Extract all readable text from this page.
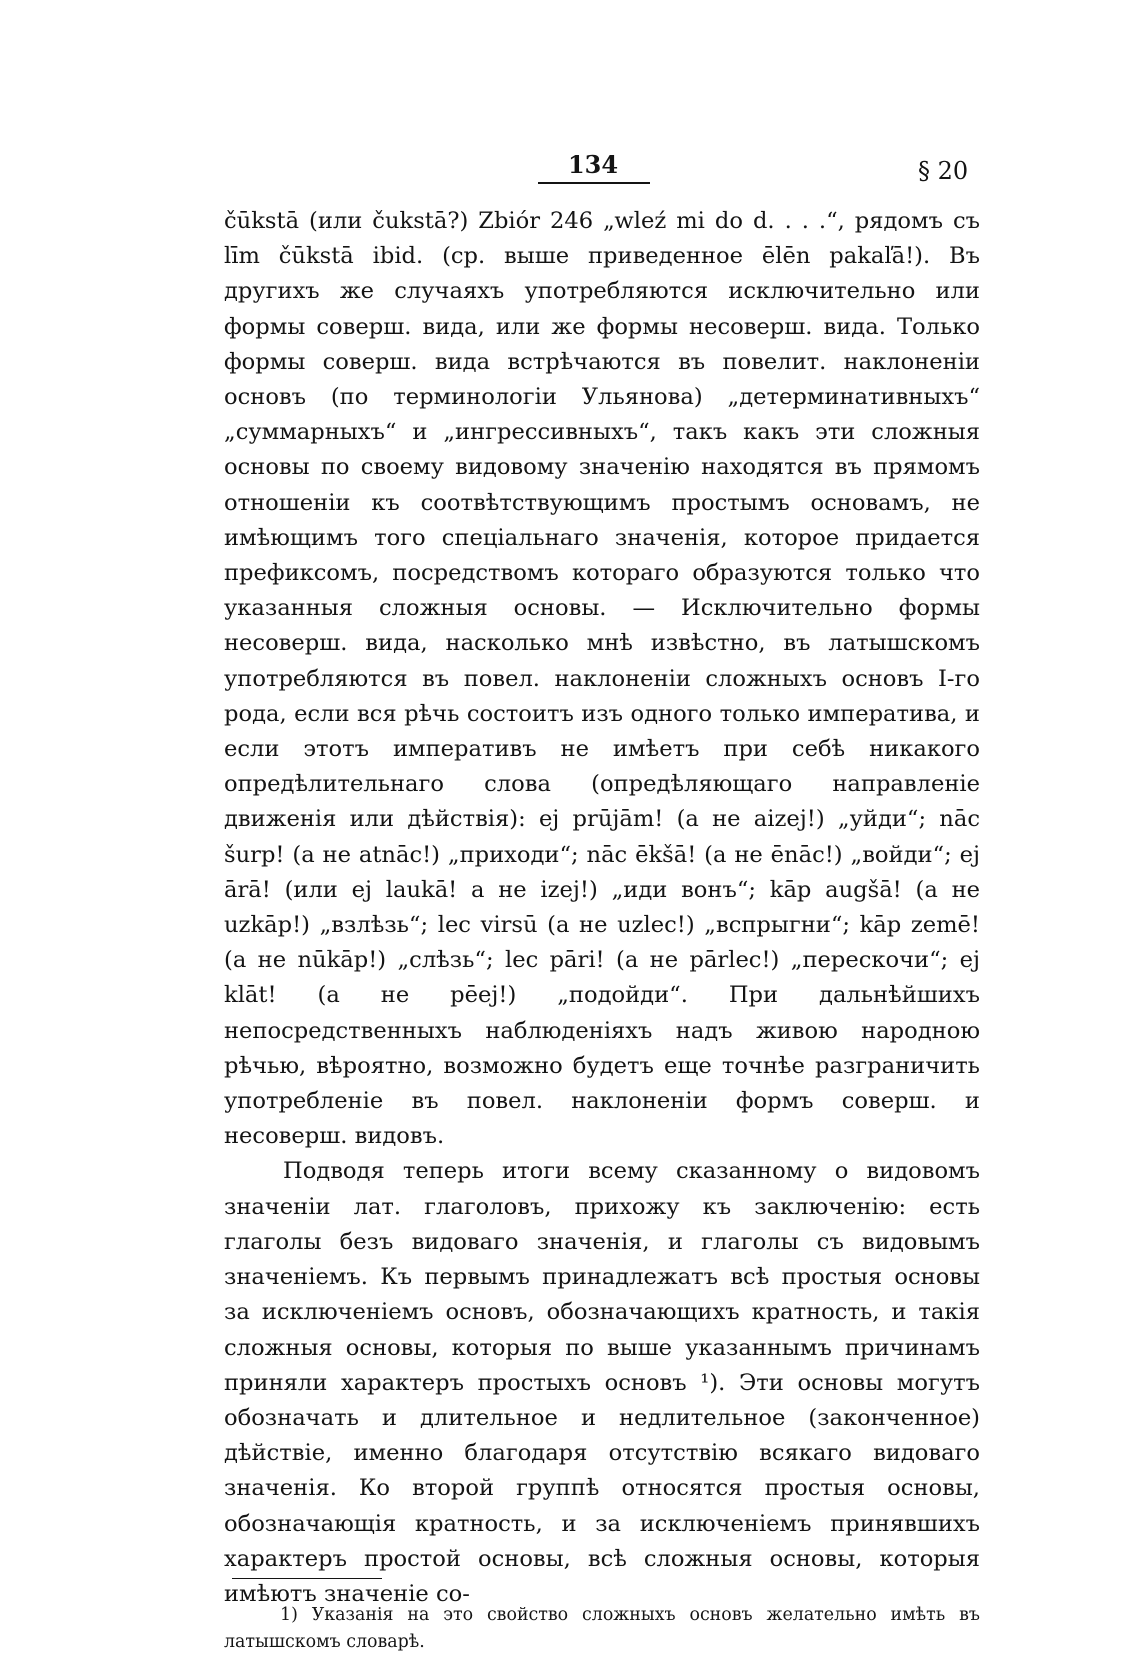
134	§ 20

čūkstā (или čukstā?) Zbiór 246 „wleź mi do d. . . .“, рядомъ съ līm čūkstā ibid. (ср. выше приведенное ēlēn pakaľā!). Въ другихъ же случаяхъ употребляются исключительно или формы соверш. вида, или же формы несоверш. вида. Только формы соверш. вида встрѣчаются въ повелит. наклоненіи основъ (по терминологіи Ульянова) „детерминативныхъ“ „суммарныхъ“ и „ингрессивныхъ“, такъ какъ эти сложныя основы по своему видовому значенію находятся въ прямомъ отношеніи къ соотвѣтствующимъ простымъ основамъ, не имѣющимъ того спеціальнаго значенія, которое придается префиксомъ, посредствомъ котораго образуются только что указанныя сложныя основы. — Исключительно формы несоверш. вида, насколько мнѣ извѣстно, въ латышскомъ употребляются въ повел. наклоненіи сложныхъ основъ I-го рода, если вся рѣчь состоитъ изъ одного только императива, и если этотъ императивъ не имѣетъ при себѣ никакого опредѣлительнаго слова (опредѣляющаго направленіе движенія или дѣйствія): ej prūjām! (а не aizej!) „уйди“; nāc šurp! (а не atnāc!) „приходи“; nāc ēkšā! (а не ēnāc!) „войди“; ej ārā! (или ej laukā! а не izej!) „иди вонъ“; kāp augšā! (а не uzkāp!) „взлѣзь“; lec virsū (а не uzlec!) „вспрыгни“; kāp zemē! (а не nūkāp!) „слѣзь“; lec pāri! (а не pārlec!) „перескочи“; ej klāt! (а не pēej!) „подойди“. При дальнѣйшихъ непосредственныхъ наблюденіяхъ надъ живою народною рѣчью, вѣроятно, возможно будетъ еще точнѣе разграничить употребленіе въ повел. наклоненіи формъ соверш. и несоверш. видовъ.

Подводя теперь итоги всему сказанному о видовомъ значеніи лат. глаголовъ, прихожу къ заключенію: есть глаголы безъ видоваго значенія, и глаголы съ видовымъ значеніемъ. Къ первымъ принадлежатъ всѣ простыя основы за исключеніемъ основъ, обозначающихъ кратность, и такія сложныя основы, которыя по выше указаннымъ причинамъ приняли характеръ простыхъ основъ ¹). Эти основы могутъ обозначать и длительное и недлительное (законченное) дѣйствіе, именно благодаря отсутствію всякаго видоваго значенія. Ко второй группѣ относятся простыя основы, обозначающія кратность, и за исключеніемъ принявшихъ характеръ простой основы, всѣ сложныя основы, которыя имѣютъ значеніе со-

1) Указанія на это свойство сложныхъ основъ желательно имѣть въ латышскомъ словарѣ.
